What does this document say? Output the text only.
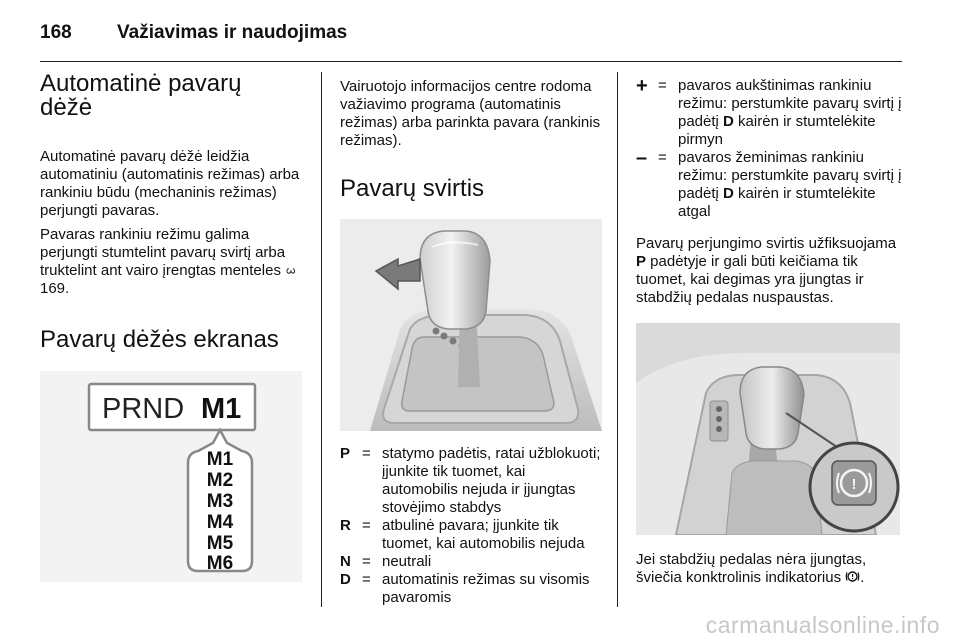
168 Važiavimas ir naudojimas
Automatinė pavarų dėžė

Automatinė pavarų dėžė leidžia automatiniu (automatinis režimas) arba rankiniu būdu (mechaninis režimas) perjungti pavaras.

Pavaras rankiniu režimu galima perjungti stumtelint pavarų svirtį arba truktelint ant vairo įrengtas menteles 3169.

Pavarų dėžės ekranas
PRND M1
M1
M2
M3
M4
M5
M6

Vairuotojo informacijos centre rodoma važiavimo programa (automatinis režimas) arba parinkta pavara (rankinis režimas).

Pavarų svirtis
P = statymo padėtis, ratai užblokuoti; įjunkite tik tuomet, kai automobilis nejuda ir įjungtas stovėjimo stabdys
R = atbulinė pavara; įjunkite tik tuomet, kai automobilis nejuda
N = neutrali
D = automatinis režimas su visomis pavaromis
+ = pavaros aukštinimas rankiniu režimu: perstumkite pavarų svirtį į padėtį D kairėn ir stumtelėkite pirmyn
– = pavaros žeminimas rankiniu režimu: perstumkite pavarų svirtį į padėtį D kairėn ir stumtelėkite atgal

Pavarų perjungimo svirtis užfiksuojama P padėtyje ir gali būti keičiama tik tuomet, kai degimas yra įjungtas ir stabdžių pedalas nuspaustas.

!

Jei stabdžių pedalas nėra įjungtas, šviečia konktrolinis indikatorius .

carmanualsonline.info
